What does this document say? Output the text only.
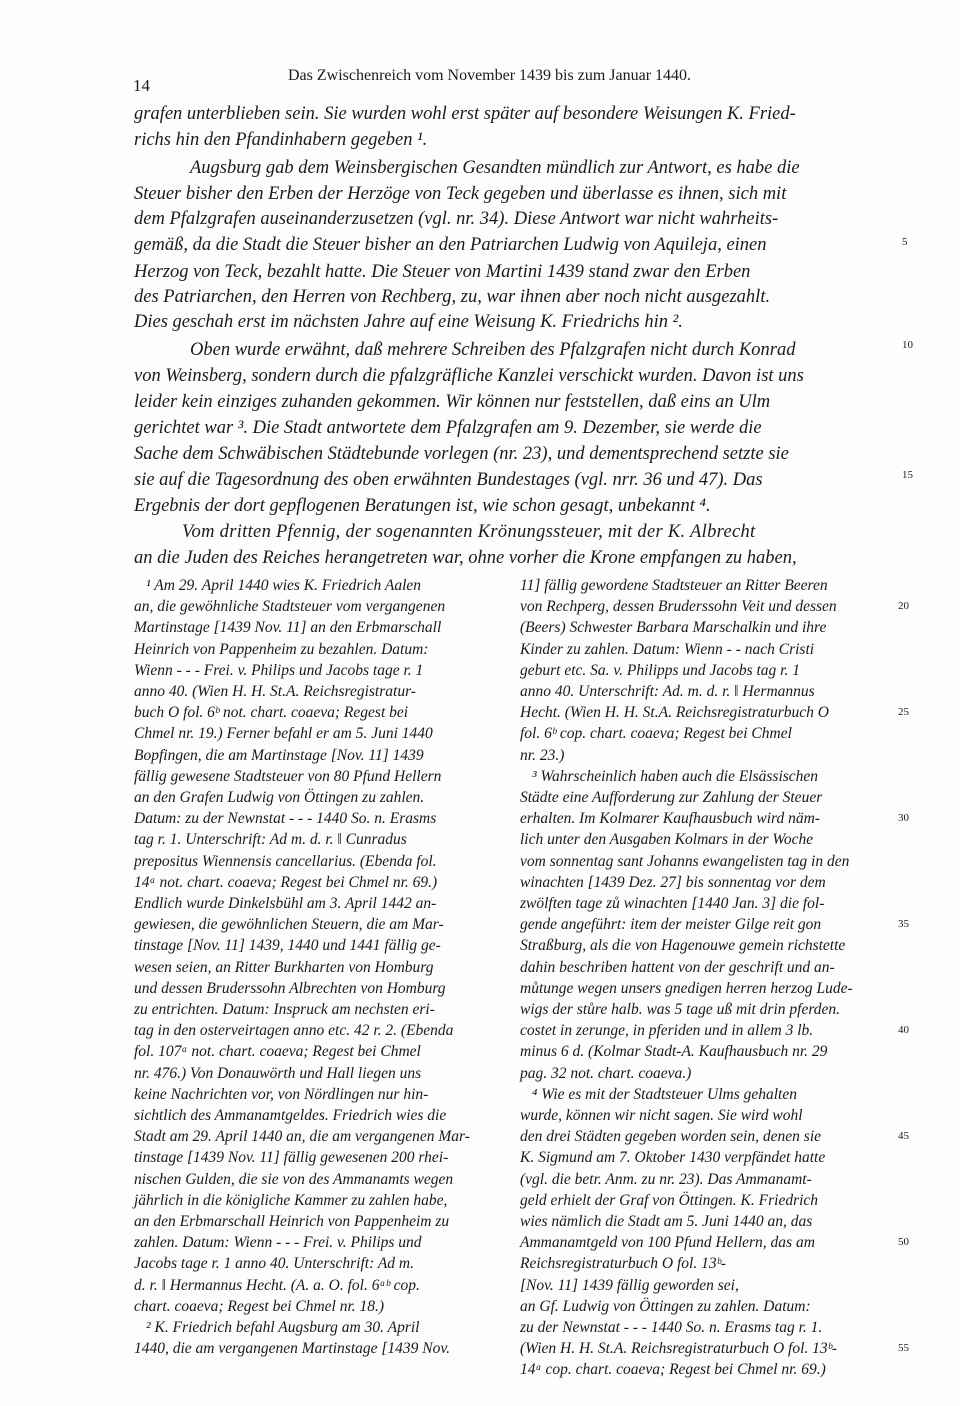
14
Das Zwischenreich vom November 1439 bis zum Januar 1440.
grafen unterblieben sein. Sie wurden wohl erst später auf besondere Weisungen K. Fried-
richs hin den Pfandinhabern gegeben ¹.
Augsburg gab dem Weinsbergischen Gesandten mündlich zur Antwort, es habe die
Steuer bisher den Erben der Herzöge von Teck gegeben und überlasse es ihnen, sich mit
dem Pfalzgrafen auseinanderzusetzen (vgl. nr. 34). Diese Antwort war nicht wahrheits-
gemäß, da die Stadt die Steuer bisher an den Patriarchen Ludwig von Aquileja, einen
Herzog von Teck, bezahlt hatte. Die Steuer von Martini 1439 stand zwar den Erben
des Patriarchen, den Herren von Rechberg, zu, war ihnen aber noch nicht ausgezahlt.
Dies geschah erst im nächsten Jahre auf eine Weisung K. Friedrichs hin ².
Oben wurde erwähnt, daß mehrere Schreiben des Pfalzgrafen nicht durch Konrad
von Weinsberg, sondern durch die pfalzgräfliche Kanzlei verschickt wurden. Davon ist uns
leider kein einziges zuhanden gekommen. Wir können nur feststellen, daß eins an Ulm
gerichtet war ³. Die Stadt antwortete dem Pfalzgrafen am 9. Dezember, sie werde die
Sache dem Schwäbischen Städtebunde vorlegen (nr. 23), und dementsprechend setzte sie
sie auf die Tagesordnung des oben erwähnten Bundestages (vgl. nrr. 36 und 47). Das
Ergebnis der dort gepflogenen Beratungen ist, wie schon gesagt, unbekannt ⁴.
Vom dritten Pfennig, der sogenannten Krönungssteuer, mit der K. Albrecht
an die Juden des Reiches herangetreten war, ohne vorher die Krone empfangen zu haben,
¹ Am 29. April 1440 wies K. Friedrich Aalen
an, die gewöhnliche Stadtsteuer vom vergangenen
Martinstage [1439 Nov. 11] an den Erbmarschall
Heinrich von Pappenheim zu bezahlen. Datum:
Wienn - - - Frei. v. Philips und Jacobs tage r. 1
anno 40. (Wien H. H. St.A. Reichsregistratur-
buch O fol. 6ᵇ not. chart. coaeva; Regest bei
Chmel nr. 19.) Ferner befahl er am 5. Juni 1440
Bopfingen, die am Martinstage [Nov. 11] 1439
fällig gewesene Stadtsteuer von 80 Pfund Hellern
an den Grafen Ludwig von Öttingen zu zahlen.
Datum: zu der Newnstat - - - 1440 So. n. Erasms
tag r. 1. Unterschrift: Ad m. d. r. ‖ Cunradus
prepositus Wiennensis cancellarius. (Ebenda fol.
14ᵃ not. chart. coaeva; Regest bei Chmel nr. 69.)
Endlich wurde Dinkelsbühl am 3. April 1442 an-
gewiesen, die gewöhnlichen Steuern, die am Mar-
tinstage [Nov. 11] 1439, 1440 und 1441 fällig ge-
wesen seien, an Ritter Burkharten von Homburg
und dessen Bruderssohn Albrechten von Homburg
zu entrichten. Datum: Inspruck am nechsten eri-
tag in den osterveirtagen anno etc. 42 r. 2. (Ebenda
fol. 107ᵃ not. chart. coaeva; Regest bei Chmel
nr. 476.) Von Donauwörth und Hall liegen uns
keine Nachrichten vor, von Nördlingen nur hin-
sichtlich des Ammanamtgeldes. Friedrich wies die
Stadt am 29. April 1440 an, die am vergangenen Mar-
tinstage [1439 Nov. 11] fällig gewesenen 200 rhei-
nischen Gulden, die sie von des Ammanamts wegen
jährlich in die königliche Kammer zu zahlen habe,
an den Erbmarschall Heinrich von Pappenheim zu
zahlen. Datum: Wienn - - - Frei. v. Philips und
Jacobs tage r. 1 anno 40. Unterschrift: Ad m.
d. r. ‖ Hermannus Hecht. (A. a. O. fol. 6ᵃᵇ cop.
chart. coaeva; Regest bei Chmel nr. 18.)
² K. Friedrich befahl Augsburg am 30. April
1440, die am vergangenen Martinstage [1439 Nov.
11] fällig gewordene Stadtsteuer an Ritter Beeren
von Rechperg, dessen Bruderssohn Veit und dessen
(Beers) Schwester Barbara Marschalkin und ihre
Kinder zu zahlen. Datum: Wienn - - nach Cristi
geburt etc. Sa. v. Philipps und Jacobs tag r. 1
anno 40. Unterschrift: Ad. m. d. r. ‖ Hermannus
Hecht. (Wien H. H. St.A. Reichsregistraturbuch O
fol. 6ᵇ cop. chart. coaeva; Regest bei Chmel
nr. 23.)
³ Wahrscheinlich haben auch die Elsässischen
Städte eine Aufforderung zur Zahlung der Steuer
erhalten. Im Kolmarer Kaufhausbuch wird näm-
lich unter den Ausgaben Kolmars in der Woche
vom sonnentag sant Johanns ewangelisten tag in den
winachten [1439 Dez. 27] bis sonnentag vor dem
zwölften tage zů winachten [1440 Jan. 3] die fol-
gende angeführt: item der meister Gilge reit gon
Straßburg, als die von Hagenouwe gemein richstette
dahin beschriben hattent von der geschrift und an-
můtunge wegen unsers gnedigen herren herzog Lude-
wigs der stůre halb. was 5 tage uß mit drin pferden.
costet in zerunge, in pferiden und in allem 3 lb.
minus 6 d. (Kolmar Stadt-A. Kaufhausbuch nr. 29
pag. 32 not. chart. coaeva.)
⁴ Wie es mit der Stadtsteuer Ulms gehalten
wurde, können wir nicht sagen. Sie wird wohl
den drei Städten gegeben worden sein, denen sie
K. Sigmund am 7. Oktober 1430 verpfändet hatte
(vgl. die betr. Anm. zu nr. 23). Das Ammanamt-
geld erhielt der Graf von Öttingen. K. Friedrich
wies nämlich die Stadt am 5. Juni 1440 an, das
Ammanamtgeld von 100 Pfund Hellern, das am
Reichsregistraturbuch O fol. 13ᵇ-
[Nov. 11] 1439 fällig geworden sei,
an Gf. Ludwig von Öttingen zu zahlen. Datum:
zu der Newnstat - - - 1440 So. n. Erasms tag r. 1.
(Wien H. H. St.A. Reichsregistraturbuch O fol. 13ᵇ-
14ᵃ cop. chart. coaeva; Regest bei Chmel nr. 69.)
5
10
15
20
25
30
35
40
45
50
55
